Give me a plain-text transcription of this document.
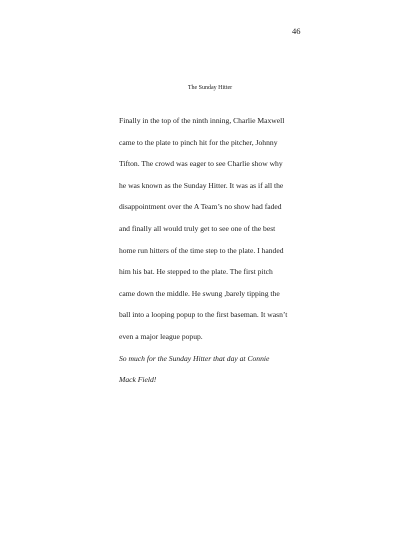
46
The Sunday Hitter
Finally in the top of the ninth inning, Charlie Maxwell
came to the plate to pinch hit for the pitcher, Johnny
Tifton. The crowd was eager to see Charlie show why
he was known as the Sunday Hitter. It was as if all the
disappointment over the A Team’s no show had faded
and finally all would truly get to see one of the best
home run hitters of the time step to the plate. I handed
him his bat. He stepped to the plate. The first pitch
came down the middle. He swung ,barely tipping the
ball into a looping popup to the first baseman. It wasn’t
even a major league popup.
So much for the Sunday Hitter that day at Connie
Mack Field!
